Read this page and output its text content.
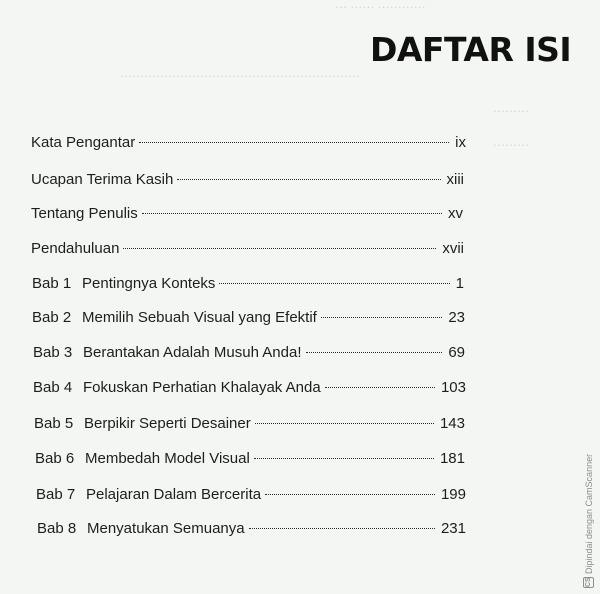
⋯ ⋯⋯ ⋯⋯⋯⋯
⋯⋯⋯⋯⋯⋯⋯⋯⋯⋯⋯⋯⋯⋯⋯⋯⋯⋯⋯⋯
⋯⋯⋯
⋯⋯⋯
DAFTAR ISI
Kata Pengantar	ix
Ucapan Terima Kasih	xiii
Tentang Penulis	xv
Pendahuluan	xvii
Bab 1 Pentingnya Konteks	1
Bab 2 Memilih Sebuah Visual yang Efektif	23
Bab 3 Berantakan Adalah Musuh Anda!	69
Bab 4 Fokuskan Perhatian Khalayak Anda	103
Bab 5 Berpikir Seperti Desainer	143
Bab 6 Membedah Model Visual	181
Bab 7 Pelajaran Dalam Bercerita	199
Bab 8 Menyatukan Semuanya	231
CS
Dipindai dengan CamScanner
